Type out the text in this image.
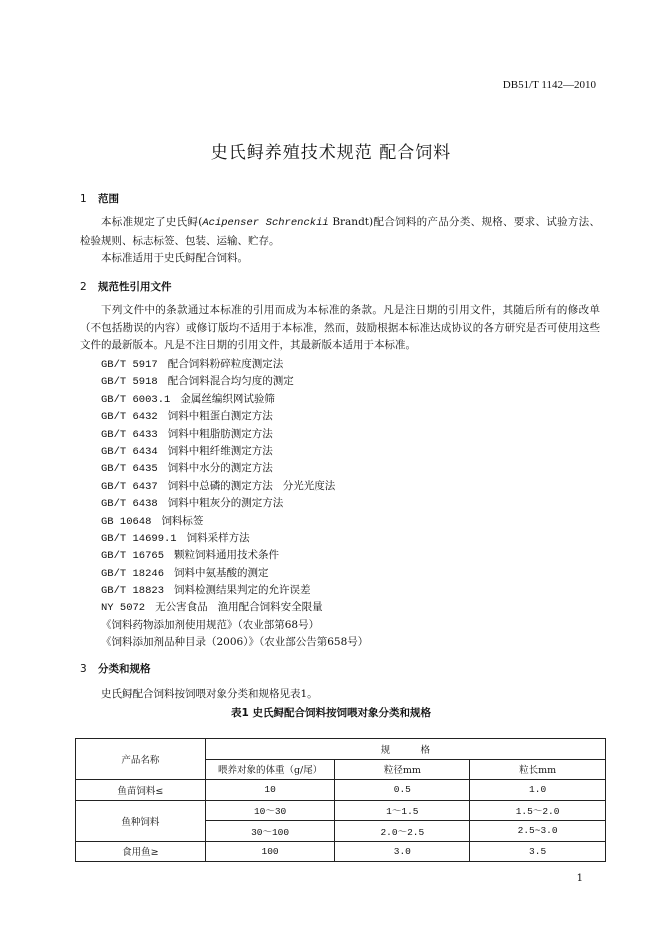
DB51/T 1142—2010
史氏鲟养殖技术规范 配合饲料
1 范围

本标准规定了史氏鲟(Acipenser Schrenckii Brandt)配合饲料的产品分类、规格、要求、试验方法、检验规则、标志标签、包装、运输、贮存。

本标准适用于史氏鲟配合饲料。

2 规范性引用文件

下列文件中的条款通过本标准的引用而成为本标准的条款。凡是注日期的引用文件，其随后所有的修改单（不包括勘误的内容）或修订版均不适用于本标准，然而，鼓励根据本标准达成协议的各方研究是否可使用这些文件的最新版本。凡是不注日期的引用文件，其最新版本适用于本标准。

GB/T 5917 配合饲料粉碎粒度测定法
GB/T 5918 配合饲料混合均匀度的测定
GB/T 6003.1 金属丝编织网试验筛
GB/T 6432 饲料中粗蛋白测定方法
GB/T 6433 饲料中粗脂肪测定方法
GB/T 6434 饲料中粗纤维测定方法
GB/T 6435 饲料中水分的测定方法
GB/T 6437 饲料中总磷的测定方法   分光光度法
GB/T 6438 饲料中粗灰分的测定方法
GB 10648 饲料标签
GB/T 14699.1 饲料采样方法
GB/T 16765 颗粒饲料通用技术条件
GB/T 18246 饲料中氨基酸的测定
GB/T 18823 饲料检测结果判定的允许误差
NY 5072 无公害食品   渔用配合饲料安全限量
《饲料药物添加剂使用规范》（农业部第68号）
《饲料添加剂品种目录（2006）》（农业部公告第658号）
3 分类和规格
史氏鲟配合饲料按饲喂对象分类和规格见表1。
表1 史氏鲟配合饲料按饲喂对象分类和规格
产品名称	规          格		
	喂养对象的体重（g/尾）	粒径mm	粒长mm
鱼苗饲料≤	10	0.5	1.0
鱼种饲料	10～30	1～1.5	1.5～2.0
	30～100	2.0～2.5	2.5~3.0
食用鱼≥	100	3.0	3.5
1
